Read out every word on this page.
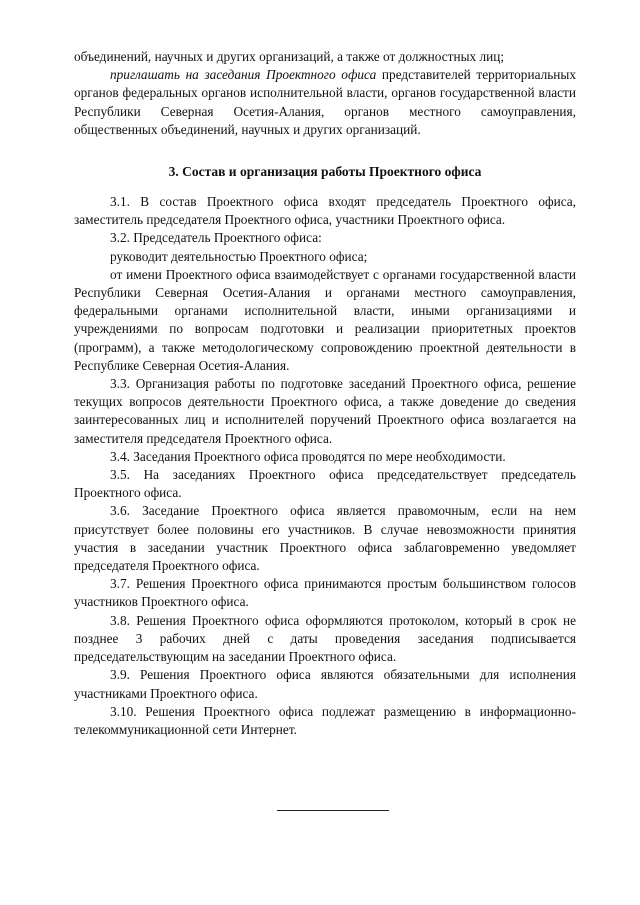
объединений, научных и других организаций, а также от должностных лиц;

приглашать на заседания Проектного офиса представителей территориальных органов федеральных органов исполнительной власти, органов государственной власти Республики Северная Осетия-Алания, органов местного самоуправления, общественных объединений, научных и других организаций.

3. Состав и организация работы Проектного офиса

3.1. В состав Проектного офиса входят председатель Проектного офиса, заместитель председателя Проектного офиса, участники Проектного офиса.

3.2. Председатель Проектного офиса:

руководит деятельностью Проектного офиса;

от имени Проектного офиса взаимодействует с органами государственной власти Республики Северная Осетия-Алания и органами местного самоуправления, федеральными органами исполнительной власти, иными организациями и учреждениями по вопросам подготовки и реализации приоритетных проектов (программ), а также методологическому сопровождению проектной деятельности в Республике Северная Осетия-Алания.

3.3. Организация работы по подготовке заседаний Проектного офиса, решение текущих вопросов деятельности Проектного офиса, а также доведение до сведения заинтересованных лиц и исполнителей поручений Проектного офиса возлагается на заместителя председателя Проектного офиса.

3.4. Заседания Проектного офиса проводятся по мере необходимости.

3.5. На заседаниях Проектного офиса председательствует председатель Проектного офиса.

3.6. Заседание Проектного офиса является правомочным, если на нем присутствует более половины его участников. В случае невозможности принятия участия в заседании участник Проектного офиса заблаговременно уведомляет председателя Проектного офиса.

3.7. Решения Проектного офиса принимаются простым большинством голосов участников Проектного офиса.

3.8. Решения Проектного офиса оформляются протоколом, который в срок не позднее 3 рабочих дней с даты проведения заседания подписывается председательствующим на заседании Проектного офиса.

3.9. Решения Проектного офиса являются обязательными для исполнения участниками Проектного офиса.

3.10. Решения Проектного офиса подлежат размещению в информационно-телекоммуникационной сети Интернет.
